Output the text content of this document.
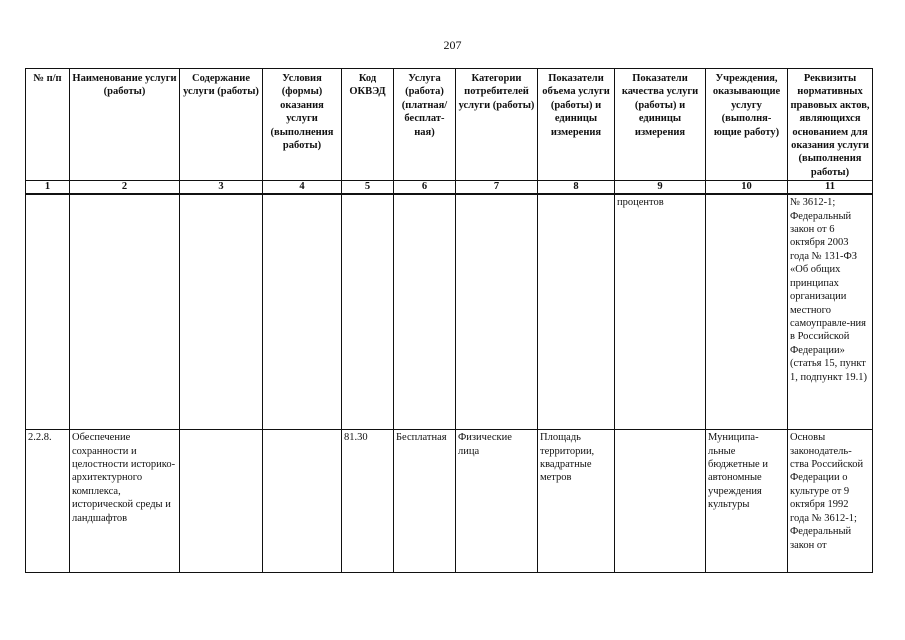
207
№ п/п	Наименование услуги (работы)	Содержание услуги (работы)	Условия (формы) оказания услуги (выполнения работы)	Код ОКВЭД	Услуга (работа) (платная/ бесплат-ная)	Категории потребителей услуги (работы)	Показатели объема услуги (работы) и единицы измерения	Показатели качества услуги (работы) и единицы измерения	Учреждения, оказывающие услугу (выполня-ющие работу)	Реквизиты нормативных правовых актов, являющихся основанием для оказания услуги (выполнения работы)
1	2	3	4	5	6	7	8	9	10	11
								процентов		№ 3612-1; Федеральный закон от 6 октября 2003 года № 131-ФЗ «Об общих принципах организации местного самоуправле-ния в Российской Федерации» (статья 15, пункт 1, подпункт 19.1)
2.2.8.	Обеспечение сохранности и целостности историко-архитектурного комплекса, исторической среды и ландшафтов			81.30	Бесплатная	Физические лица	Площадь территории, квадратные метров		Муниципа-льные бюджетные и автономные учреждения культуры	Основы законодатель-ства Российской Федерации о культуре от 9 октября 1992 года № 3612-1; Федеральный закон от
